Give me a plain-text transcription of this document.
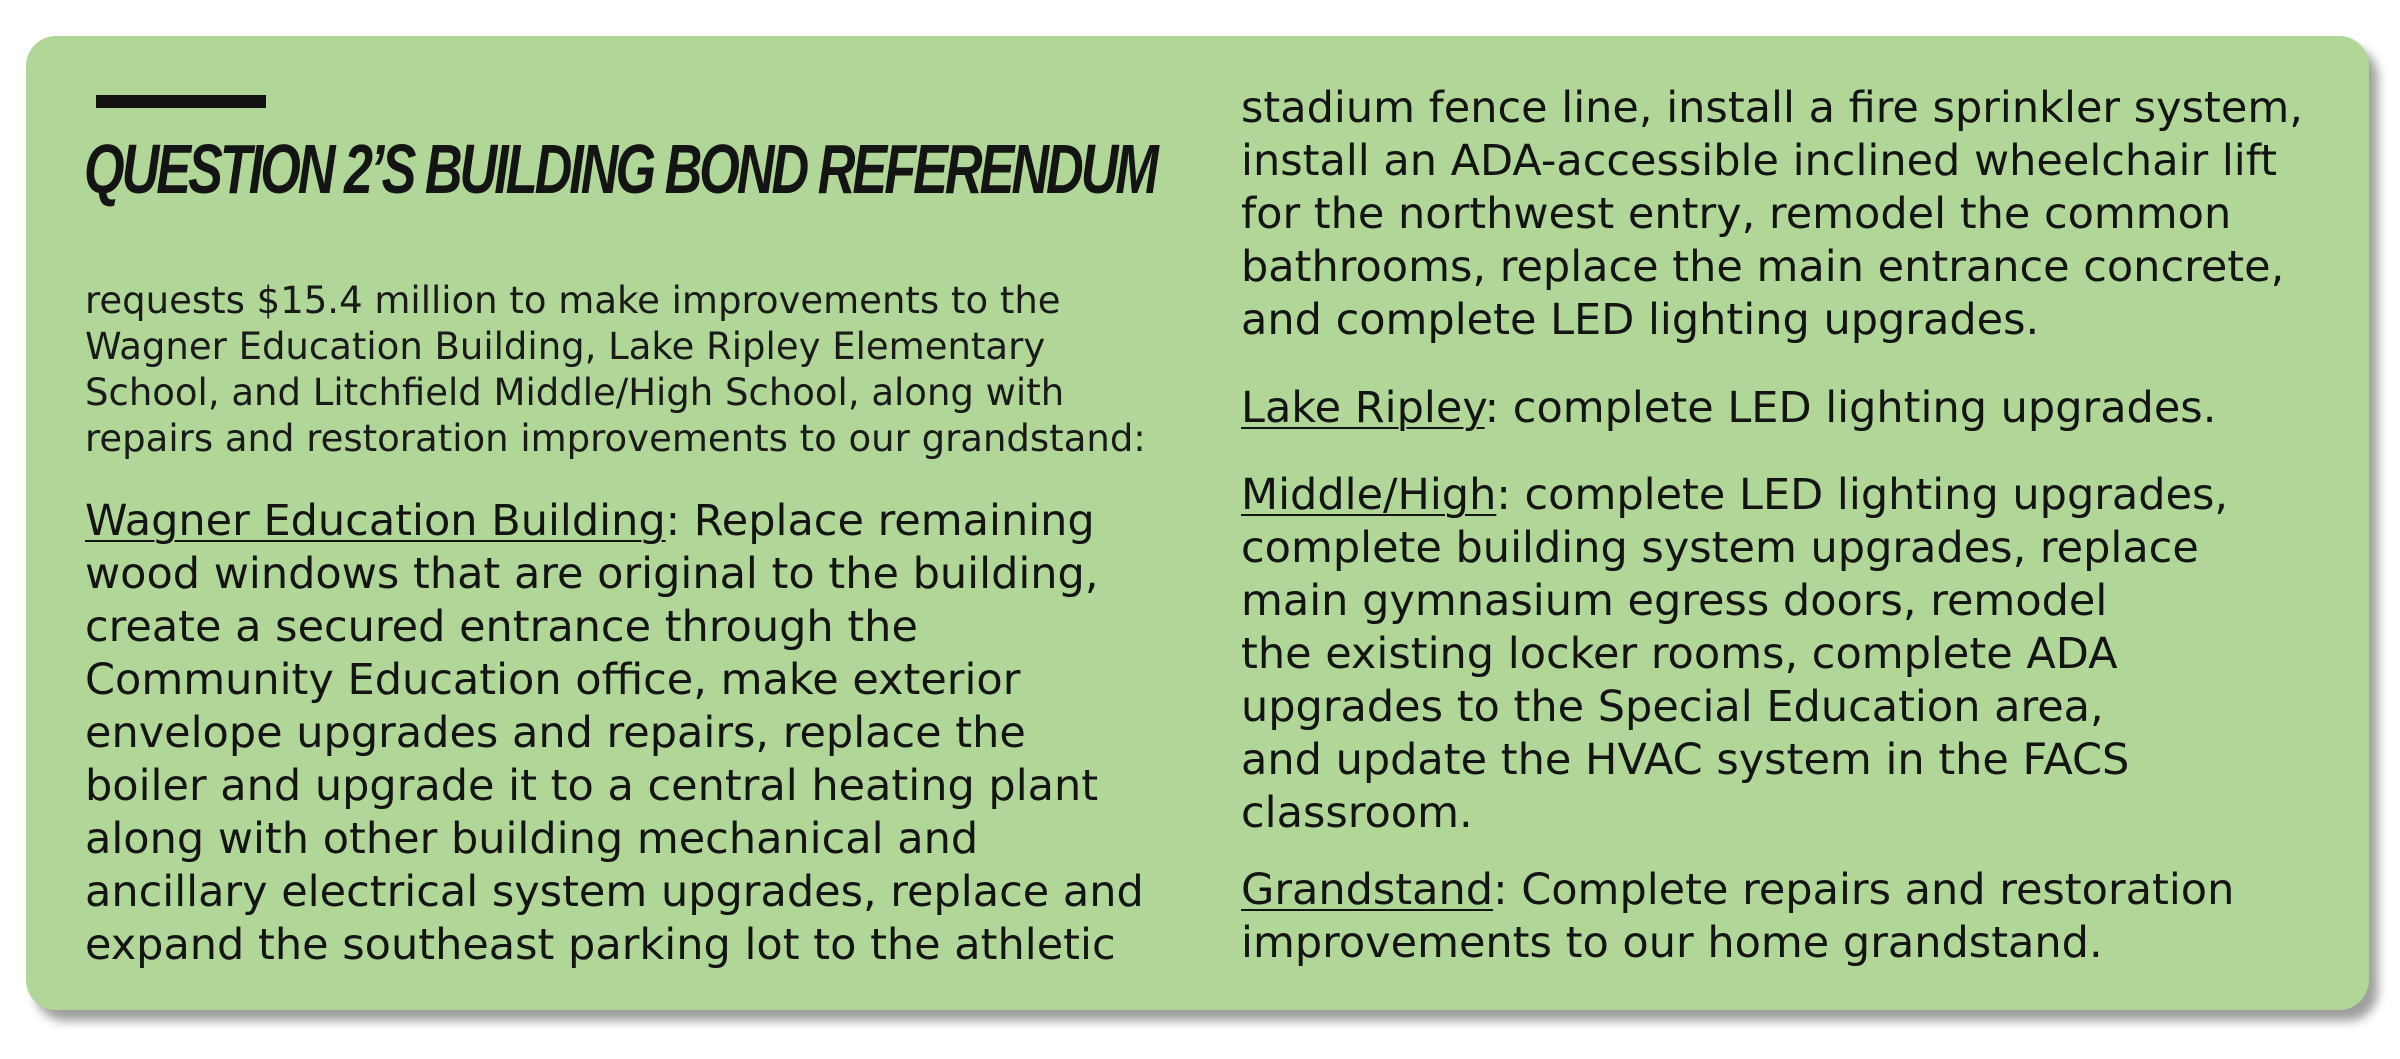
QUESTION 2’S BUILDING BOND REFERENDUM

requests $15.4 million to make improvements to the
Wagner Education Building, Lake Ripley Elementary
School, and Litchfield Middle/High School, along with
repairs and restoration improvements to our grandstand:

Wagner Education Building: Replace remaining
wood windows that are original to the building,
create a secured entrance through the
Community Education office, make exterior
envelope upgrades and repairs, replace the
boiler and upgrade it to a central heating plant
along with other building mechanical and
ancillary electrical system upgrades, replace and
expand the southeast parking lot to the athletic

stadium fence line, install a fire sprinkler system,
install an ADA-accessible inclined wheelchair lift
for the northwest entry, remodel the common
bathrooms, replace the main entrance concrete,
and complete LED lighting upgrades.

Lake Ripley: complete LED lighting upgrades.

Middle/High: complete LED lighting upgrades,
complete building system upgrades, replace
main gymnasium egress doors, remodel
the existing locker rooms, complete ADA
upgrades to the Special Education area,
and update the HVAC system in the FACS
classroom.

Grandstand: Complete repairs and restoration
improvements to our home grandstand.
